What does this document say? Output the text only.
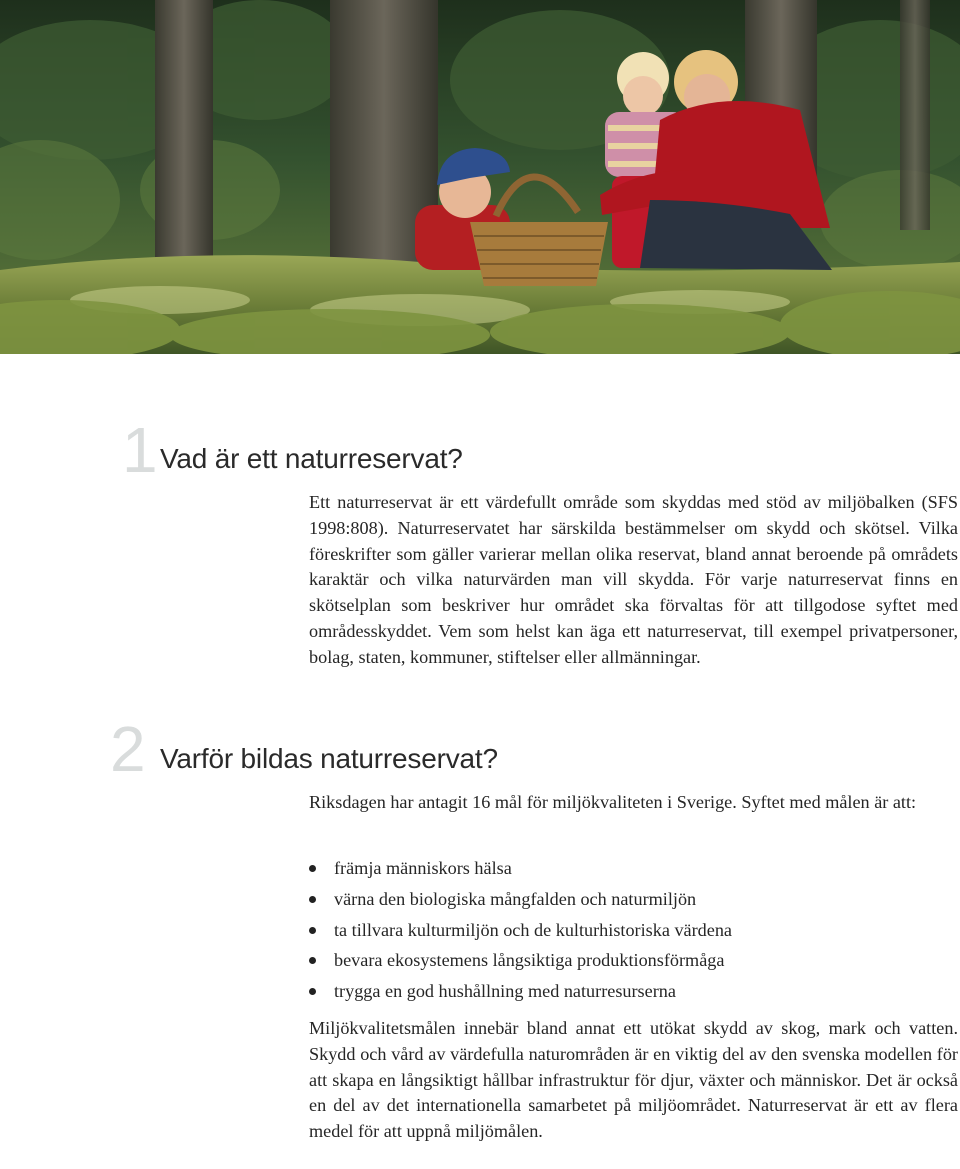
1 Vad är ett naturreservat?

Ett naturreservat är ett värdefullt område som skyddas med stöd av miljöbalken (SFS 1998:808). Naturreservatet har särskilda bestämmelser om skydd och skötsel. Vilka föreskrifter som gäller varierar mellan olika reservat, bland annat beroende på områdets karaktär och vilka naturvärden man vill skydda. För varje naturreservat finns en skötselplan som beskriver hur området ska förvaltas för att tillgodose syftet med områdesskyddet. Vem som helst kan äga ett naturreservat, till exempel privatpersoner, bolag, staten, kommuner, stiftelser eller allmänningar.

2 Varför bildas naturreservat?

Riksdagen har antagit 16 mål för miljökvaliteten i Sverige. Syftet med målen är att:

främja människors hälsa
värna den biologiska mångfalden och naturmiljön
ta tillvara kulturmiljön och de kulturhistoriska värdena
bevara ekosystemens långsiktiga produktionsförmåga
trygga en god hushållning med naturresurserna

Miljökvalitetsmålen innebär bland annat ett utökat skydd av skog, mark och vatten. Skydd och vård av värdefulla naturområden är en viktig del av den svenska modellen för att skapa en långsiktigt hållbar infrastruktur för djur, växter och människor. Det är också en del av det internationella samarbetet på miljöområdet. Naturreservat är ett av flera medel för att uppnå miljömålen.
